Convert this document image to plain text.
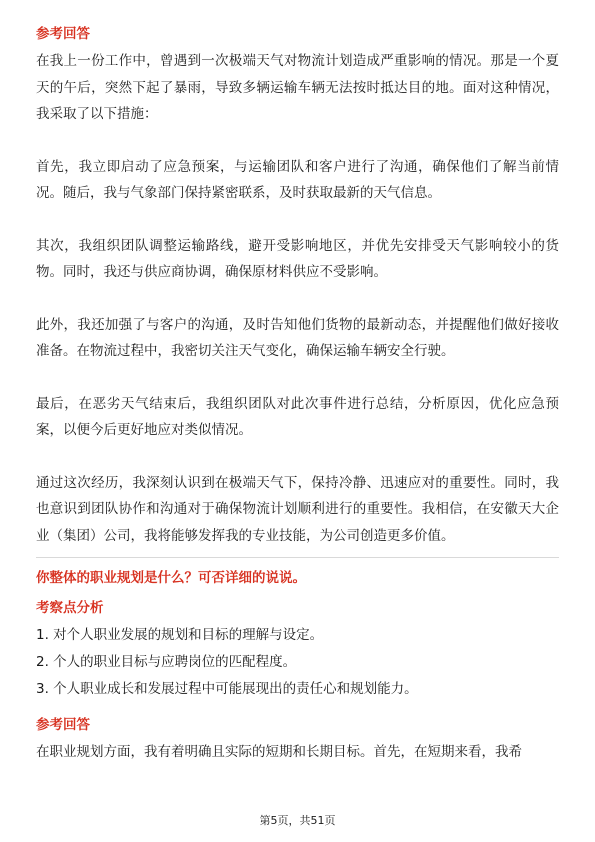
参考回答
在我上一份工作中，曾遇到一次极端天气对物流计划造成严重影响的情况。那是一个夏天的午后，突然下起了暴雨，导致多辆运输车辆无法按时抵达目的地。面对这种情况，我采取了以下措施：
首先，我立即启动了应急预案，与运输团队和客户进行了沟通，确保他们了解当前情况。随后，我与气象部门保持紧密联系，及时获取最新的天气信息。
其次，我组织团队调整运输路线，避开受影响地区，并优先安排受天气影响较小的货物。同时，我还与供应商协调，确保原材料供应不受影响。
此外，我还加强了与客户的沟通，及时告知他们货物的最新动态，并提醒他们做好接收准备。在物流过程中，我密切关注天气变化，确保运输车辆安全行驶。
最后，在恶劣天气结束后，我组织团队对此次事件进行总结，分析原因，优化应急预案，以便今后更好地应对类似情况。
通过这次经历，我深刻认识到在极端天气下，保持冷静、迅速应对的重要性。同时，我也意识到团队协作和沟通对于确保物流计划顺利进行的重要性。我相信，在安徽天大企业（集团）公司，我将能够发挥我的专业技能，为公司创造更多价值。
你整体的职业规划是什么？可否详细的说说。
考察点分析
1. 对个人职业发展的规划和目标的理解与设定。
2. 个人的职业目标与应聘岗位的匹配程度。
3. 个人职业成长和发展过程中可能展现出的责任心和规划能力。
参考回答
在职业规划方面，我有着明确且实际的短期和长期目标。首先，在短期来看，我希
第5页，共51页
